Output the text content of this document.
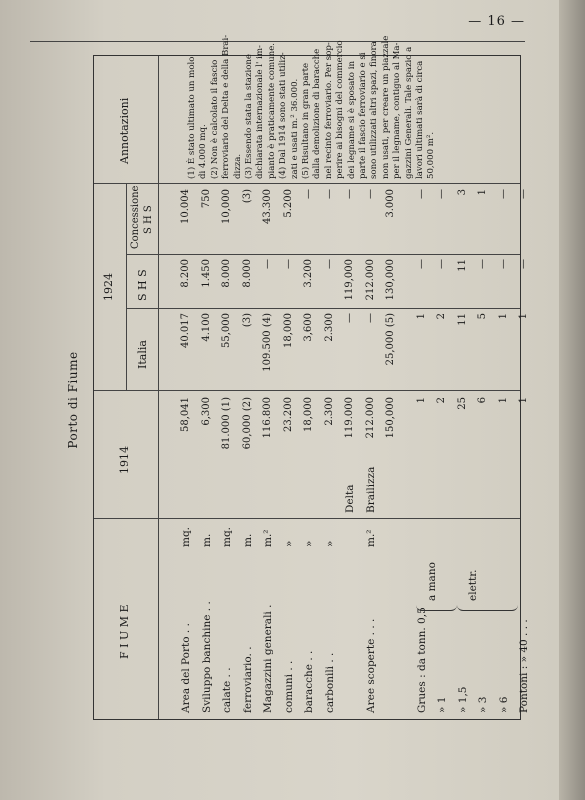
— 16 —
Porto di Fiume
F I U M E
1914
1924
Italia
S H S
Concessione S H S
Annotazioni
Area del Porto . .
mq.
58,041
40.017
8.200
10.004
Sviluppo banchine . .
m.
6,300
4.100
1.450
750
calate . .
mq.
81.000 (1)
55,000
8.000
10,000
ferroviario. .
m.
60,000 (2)
(3)
8.000
(3)
Magazzini generali .
m.²
116.800
109.500 (4)
—
43.300
comuni . .
»
23.200
18,000
—
5.200
baracche . .
»
18,000
3,600
3.200
—
carbonili . .
»
2.300
2.300
—
—
Delta
119.000
—
119,000
—
Aree scoperte . . .
m.²
Brailizza
212.000
—
212.000
—
150,000
25,000 (5)
130,000
3.000
Grues : da tonn. 0,5
a mano
1
1
—
—
» 1
2
2
—
—
» 1,5
elettr.
25
11
11
3
» 3
6
5
—
1
» 6
1
1
—
—
Pontoni : » 40 . . .
1
1
—
—
(1) È stato ultimato un molo di 4.000 mq. (2) Non è calcolato il fascio ferroviario del Delta e della Brai- dizza. (3) Essendo stata la stazione dichiarata internazionale l' im- pianto è praticamente comune. (4) Dal 1914 sono stati utiliz- zati e usati m.² 36.000. (5) Risultano in gran parte dalla demolizione di baracche nel recinto ferroviario. Per sop- perire ai bisogni del commercio dei legname si è sposato in parte il fascio ferroviario e si sono utilizzati altri spazi, finora non usati, per creare un piazzale per il legname, contiguo al Ma- gazzini Generali. Tale spazio a lavori ultimati sarà di circa 50,000 m².
